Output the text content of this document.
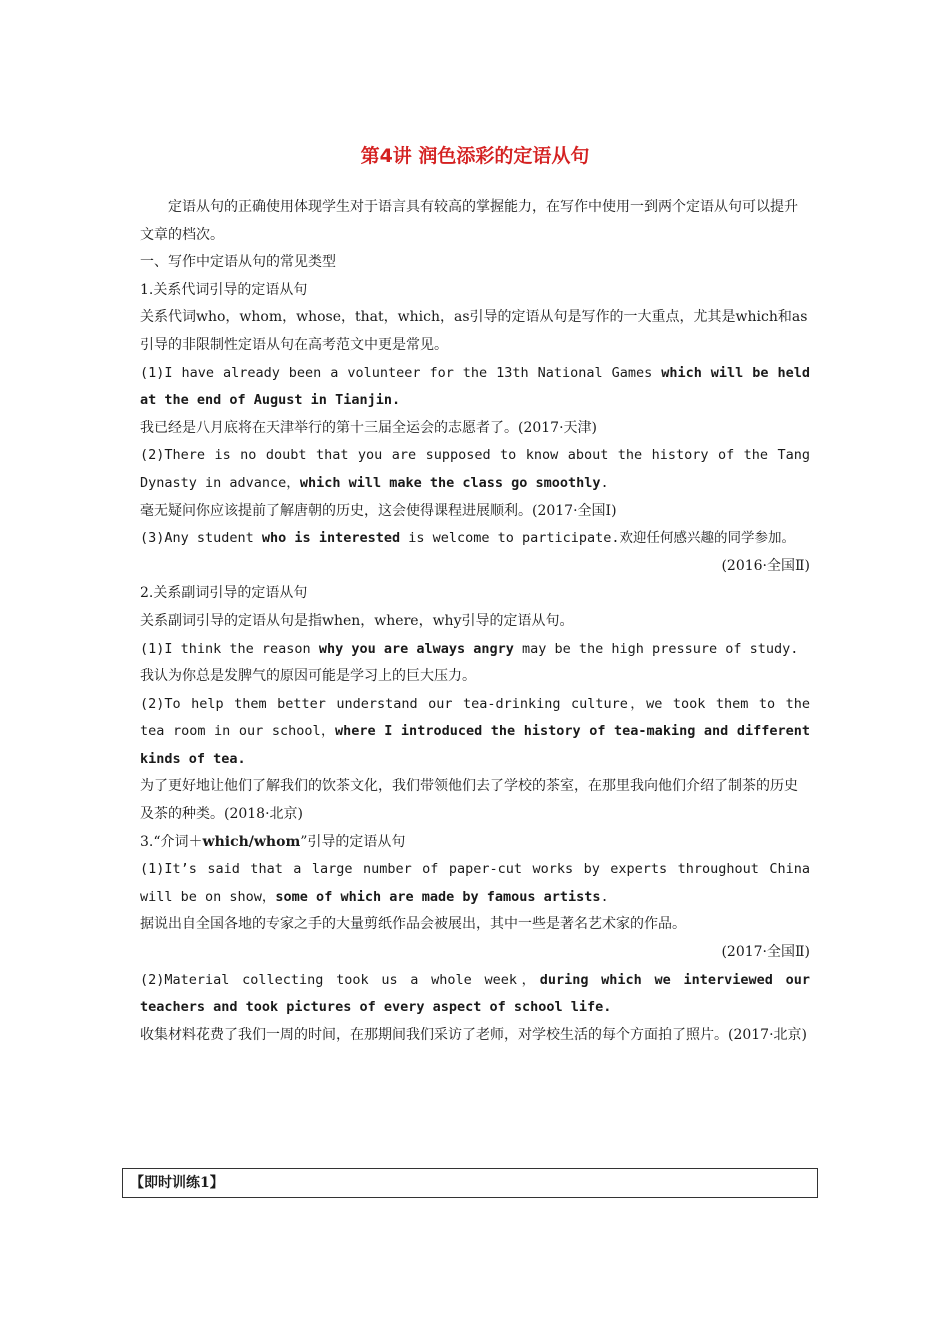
第4讲 润色添彩的定语从句

定语从句的正确使用体现学生对于语言具有较高的掌握能力，在写作中使用一到两个定语从句可以提升文章的档次。

一、写作中定语从句的常见类型

1.关系代词引导的定语从句

关系代词who，whom，whose，that，which，as引导的定语从句是写作的一大重点，尤其是which和as引导的非限制性定语从句在高考范文中更是常见。

(1)I have already been a volunteer for the 13th National Games which will be held at the end of August in Tianjin.

我已经是八月底将在天津举行的第十三届全运会的志愿者了。(2017·天津)

(2)There is no doubt that you are supposed to know about the history of the Tang Dynasty in advance，which will make the class go smoothly.

毫无疑问你应该提前了解唐朝的历史，这会使得课程进展顺利。(2017·全国Ⅰ)

(3)Any student who is interested is welcome to participate.欢迎任何感兴趣的同学参加。

(2016·全国Ⅱ)

2.关系副词引导的定语从句

关系副词引导的定语从句是指when，where，why引导的定语从句。

(1)I think the reason why you are always angry may be the high pressure of study.

我认为你总是发脾气的原因可能是学习上的巨大压力。

(2)To help them better understand our tea-drinking culture，we took them to the tea room in our school，where I introduced the history of tea-making and different kinds of tea.

为了更好地让他们了解我们的饮茶文化，我们带领他们去了学校的茶室，在那里我向他们介绍了制茶的历史及茶的种类。(2018·北京)

3.“介词＋which/whom”引导的定语从句

(1)It’s said that a large number of paper-cut works by experts throughout China will be on show，some of which are made by famous artists.

据说出自全国各地的专家之手的大量剪纸作品会被展出，其中一些是著名艺术家的作品。

(2017·全国Ⅱ)

(2)Material collecting took us a whole week，during which we interviewed our teachers and took pictures of every aspect of school life.

收集材料花费了我们一周的时间，在那期间我们采访了老师，对学校生活的每个方面拍了照片。(2017·北京)

【即时训练1】
